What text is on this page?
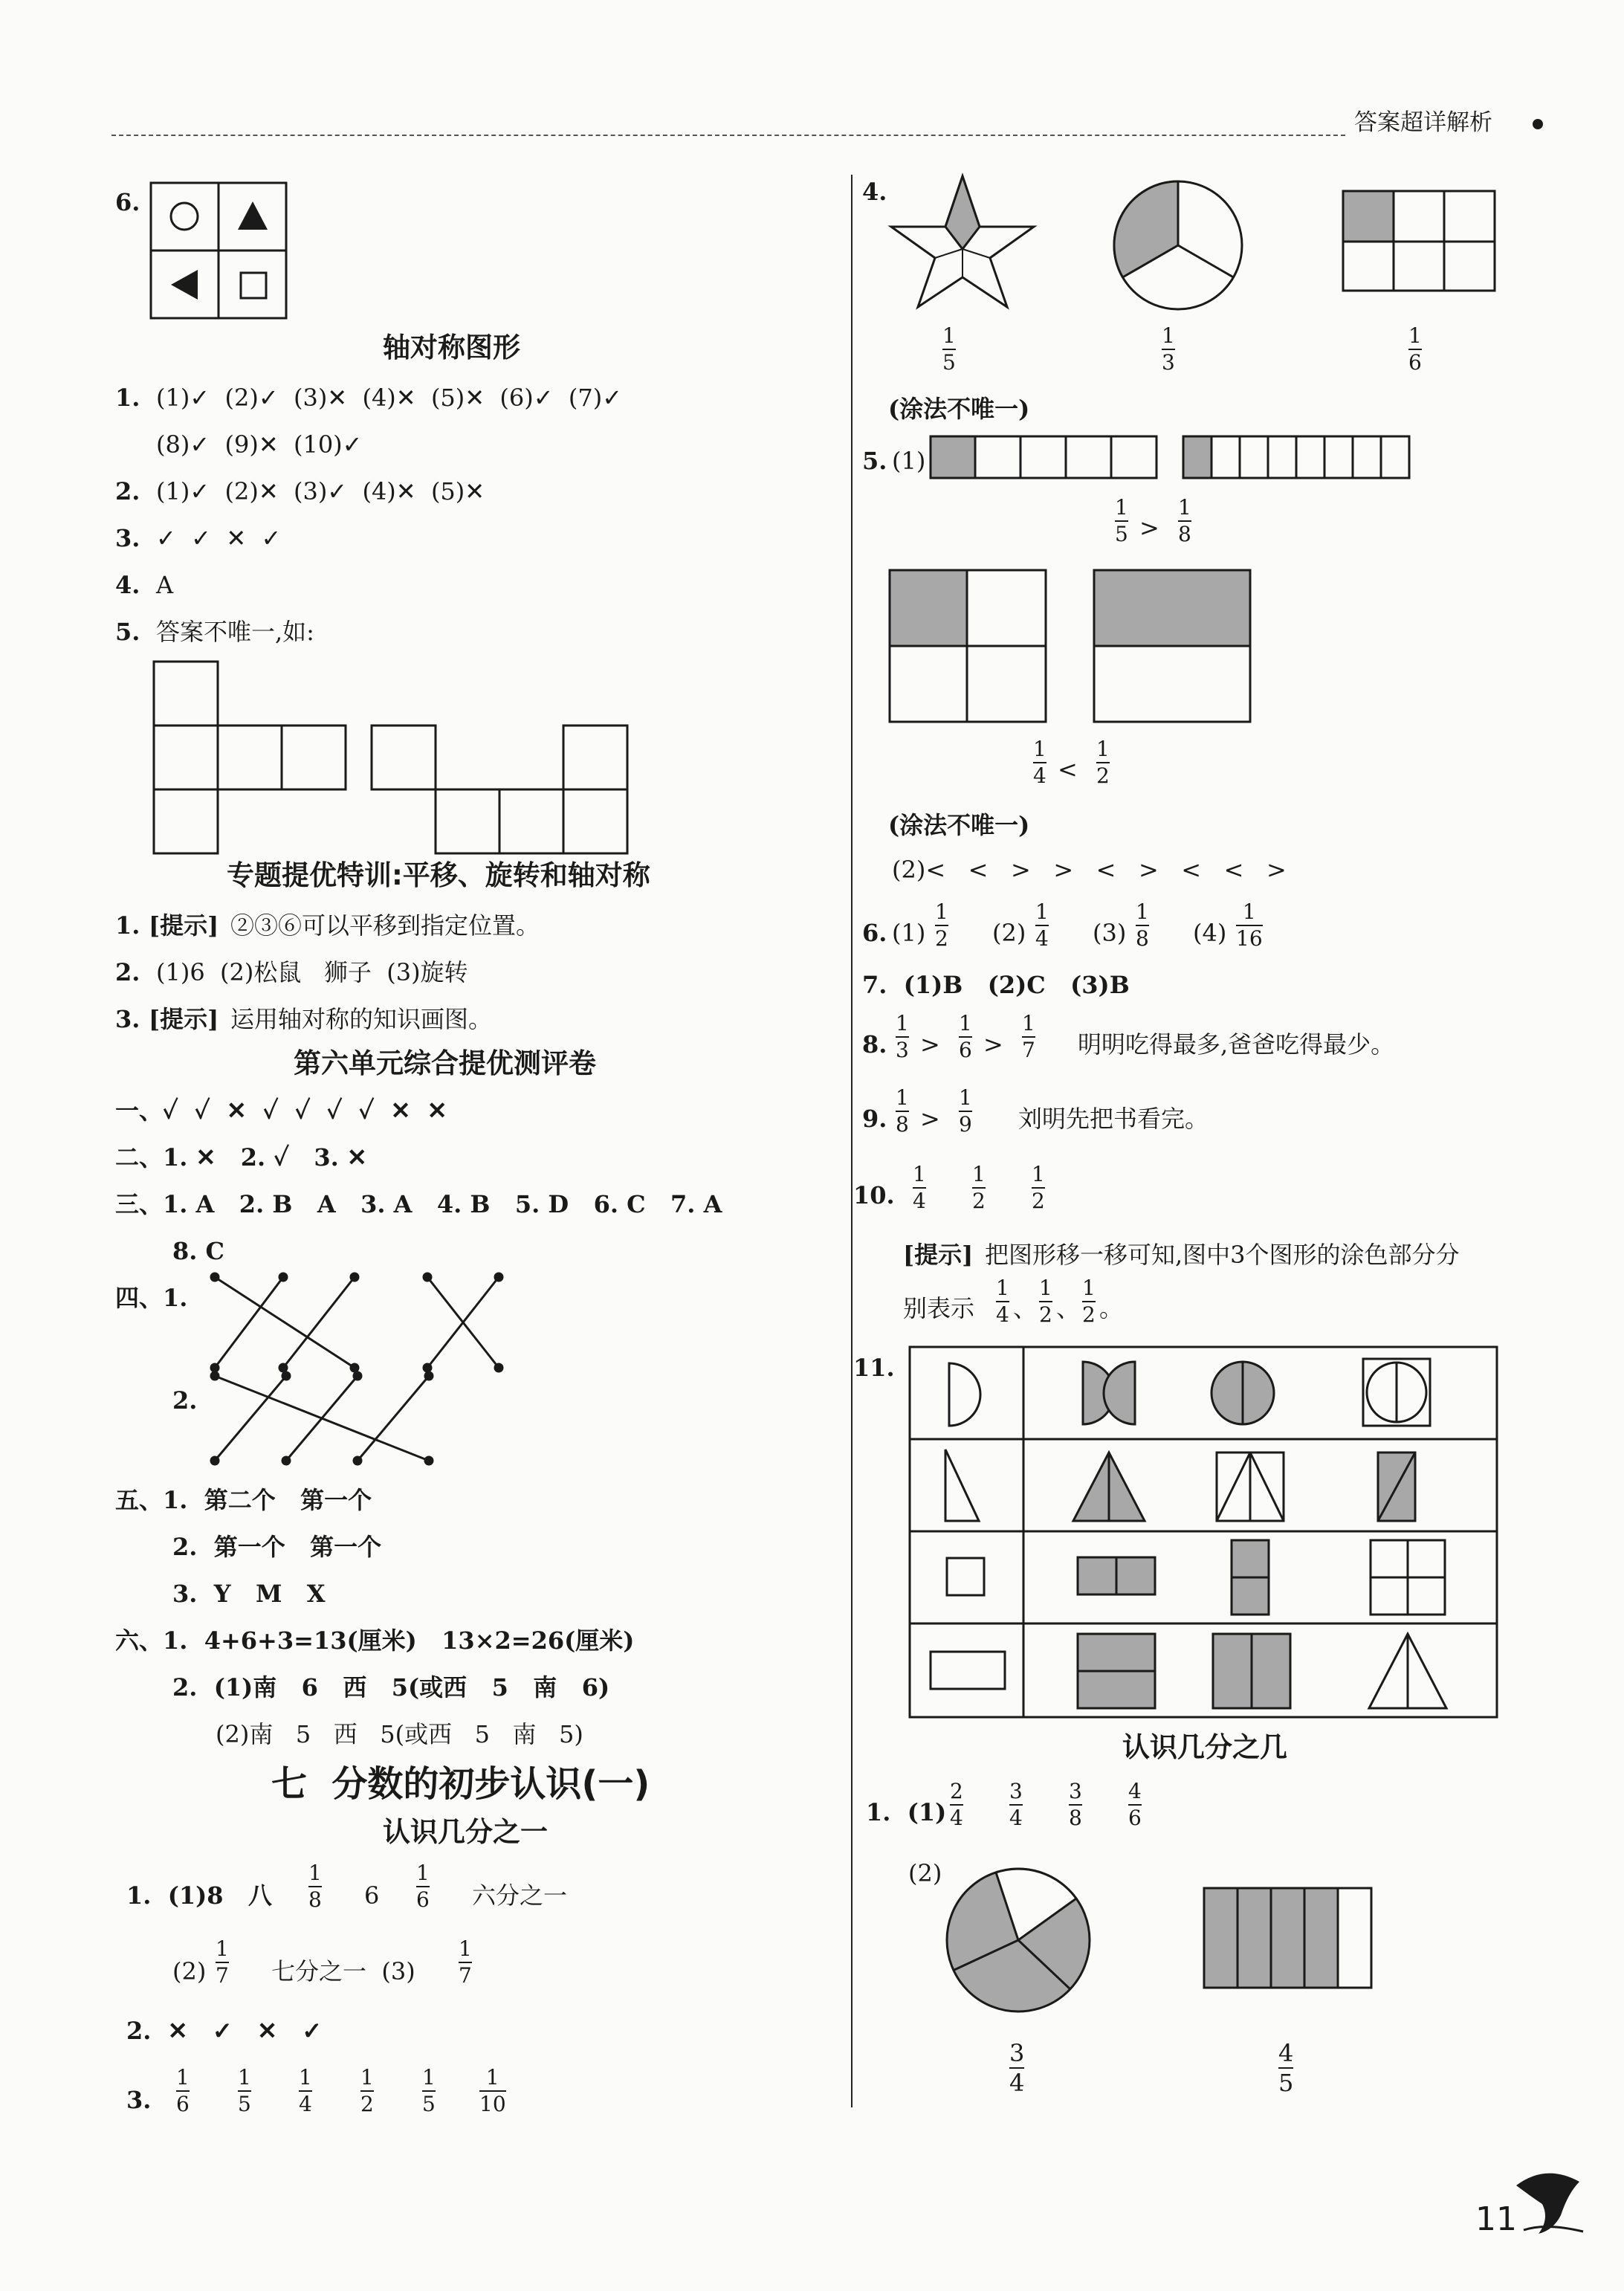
答案超详解析
6.
轴对称图形
1. (1)✓  (2)✓  (3)✕  (4)✕  (5)✕  (6)✓  (7)✓
(8)✓  (9)✕  (10)✓
2. (1)✓  (2)✕  (3)✓  (4)✕  (5)✕
3. ✓  ✓  ✕  ✓
4. A
5. 答案不唯一,如:
专题提优特训:平移、旋转和轴对称
1. [提示] ②③⑥可以平移到指定位置。
2. (1)6  (2)松鼠   狮子  (3)旋转
3. [提示] 运用轴对称的知识画图。
第六单元综合提优测评卷
一、✓  ✓  ✕  ✓  ✓  ✓  ✓  ✕  ✕
二、1. ✕   2. ✓   3. ✕
三、1. A   2. B   A   3. A   4. B   5. D   6. C   7. A
8. C
四、1.
2.
五、1.  第二个   第一个
2.  第一个   第一个
3.  Y   M   X
六、1.  4+6+3=13(厘米)   13×2=26(厘米)
2.  (1)南   6   西   5(或西   5   南   6)
(2)南   5   西   5(或西   5   南   5)
七  分数的初步认识(一)
认识几分之一
1.  (1)8   八
1
8 6
1
6 六分之一
(2)
1
7 七分之一  (3)
1
7
2.  ✕   ✓   ✕   ✓
3.
1
6
1
5
1
4
1
2
1
5
1
10
4.
1
5
1
3
1
6
(涂法不唯一)
5. (1)
1
5 >
1
8
1
4 <
1
2
(涂法不唯一)
(2)<   <   >   >   <   >   <   <   >
6. (1)
1
2 (2)
1
4 (3)
1
8 (4)
1
16
7.  (1)B   (2)C   (3)B
8.
1
3 >
1
6 >
1
7 明明吃得最多,爸爸吃得最少。
9.
1
8 >
1
9 刘明先把书看完。
10.
1
4
1
2
1
2
[提示] 把图形移一移可知,图中3个图形的涂色部分分
别表示
1
4 、
1
2 、
1
2 。
11.
认识几分之几
1.  (1)
2
4
3
4
3
8
4
6
(2)
3
4
4
5
11
